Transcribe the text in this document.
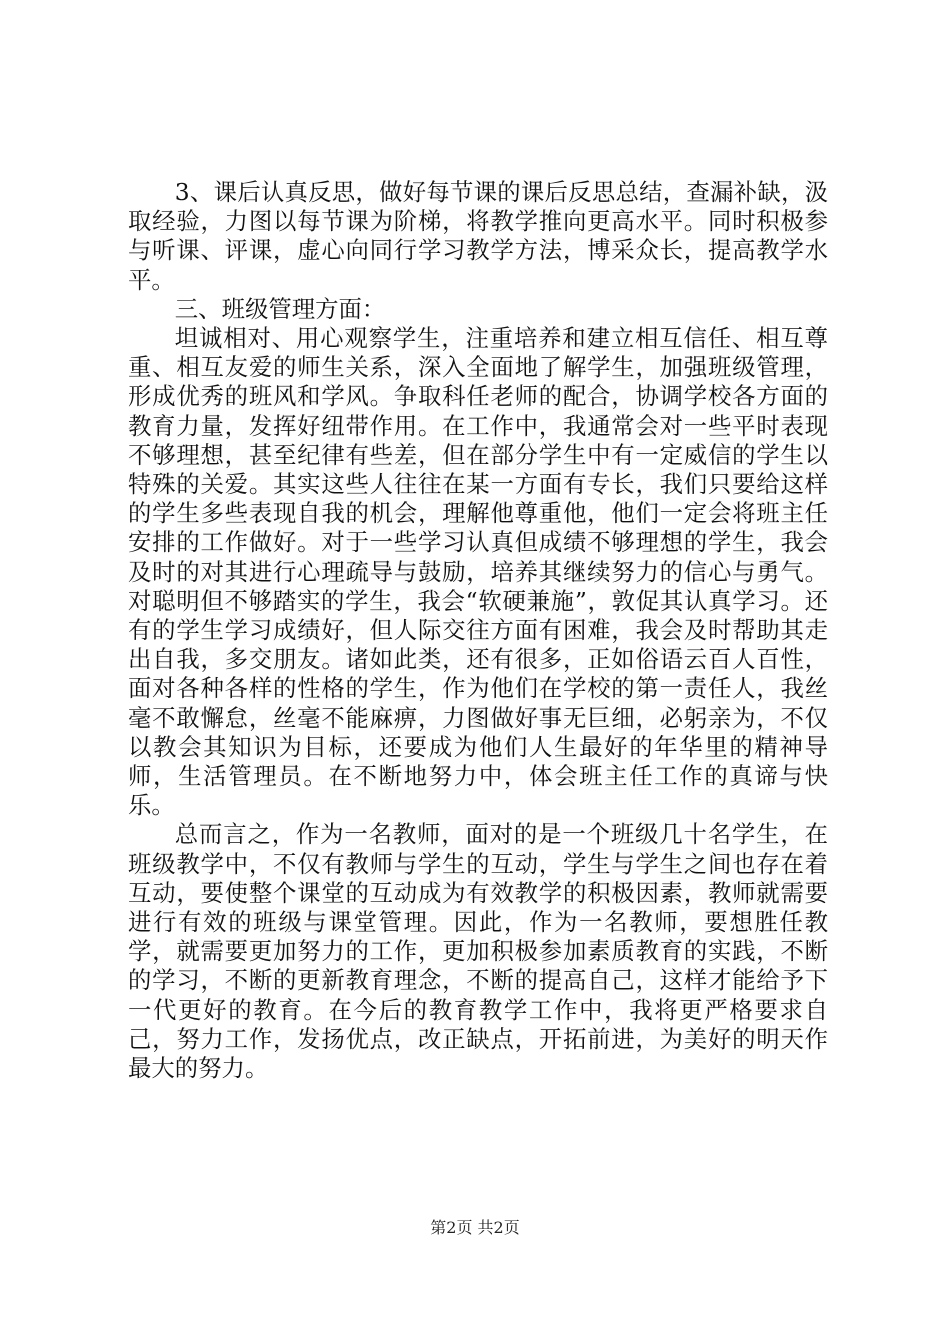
3、课后认真反思，做好每节课的课后反思总结，查漏补缺，汲取经验，力图以每节课为阶梯，将教学推向更高水平。同时积极参与听课、评课，虚心向同行学习教学方法，博采众长，提高教学水平。

三、班级管理方面：

坦诚相对、用心观察学生，注重培养和建立相互信任、相互尊重、相互友爱的师生关系，深入全面地了解学生，加强班级管理，形成优秀的班风和学风。争取科任老师的配合，协调学校各方面的教育力量，发挥好纽带作用。在工作中，我通常会对一些平时表现不够理想，甚至纪律有些差，但在部分学生中有一定威信的学生以特殊的关爱。其实这些人往往在某一方面有专长，我们只要给这样的学生多些表现自我的机会，理解他尊重他，他们一定会将班主任安排的工作做好。对于一些学习认真但成绩不够理想的学生，我会及时的对其进行心理疏导与鼓励，培养其继续努力的信心与勇气。对聪明但不够踏实的学生，我会“软硬兼施”，敦促其认真学习。还有的学生学习成绩好，但人际交往方面有困难，我会及时帮助其走出自我，多交朋友。诸如此类，还有很多，正如俗语云百人百性，面对各种各样的性格的学生，作为他们在学校的第一责任人，我丝毫不敢懈怠，丝毫不能麻痹，力图做好事无巨细，必躬亲为，不仅以教会其知识为目标，还要成为他们人生最好的年华里的精神导师，生活管理员。在不断地努力中，体会班主任工作的真谛与快乐。

总而言之，作为一名教师，面对的是一个班级几十名学生，在班级教学中，不仅有教师与学生的互动，学生与学生之间也存在着互动，要使整个课堂的互动成为有效教学的积极因素，教师就需要进行有效的班级与课堂管理。因此，作为一名教师，要想胜任教学，就需要更加努力的工作，更加积极参加素质教育的实践，不断的学习，不断的更新教育理念，不断的提高自己，这样才能给予下一代更好的教育。在今后的教育教学工作中，我将更严格要求自己，努力工作，发扬优点，改正缺点，开拓前进，为美好的明天作最大的努力。

第2页 共2页
